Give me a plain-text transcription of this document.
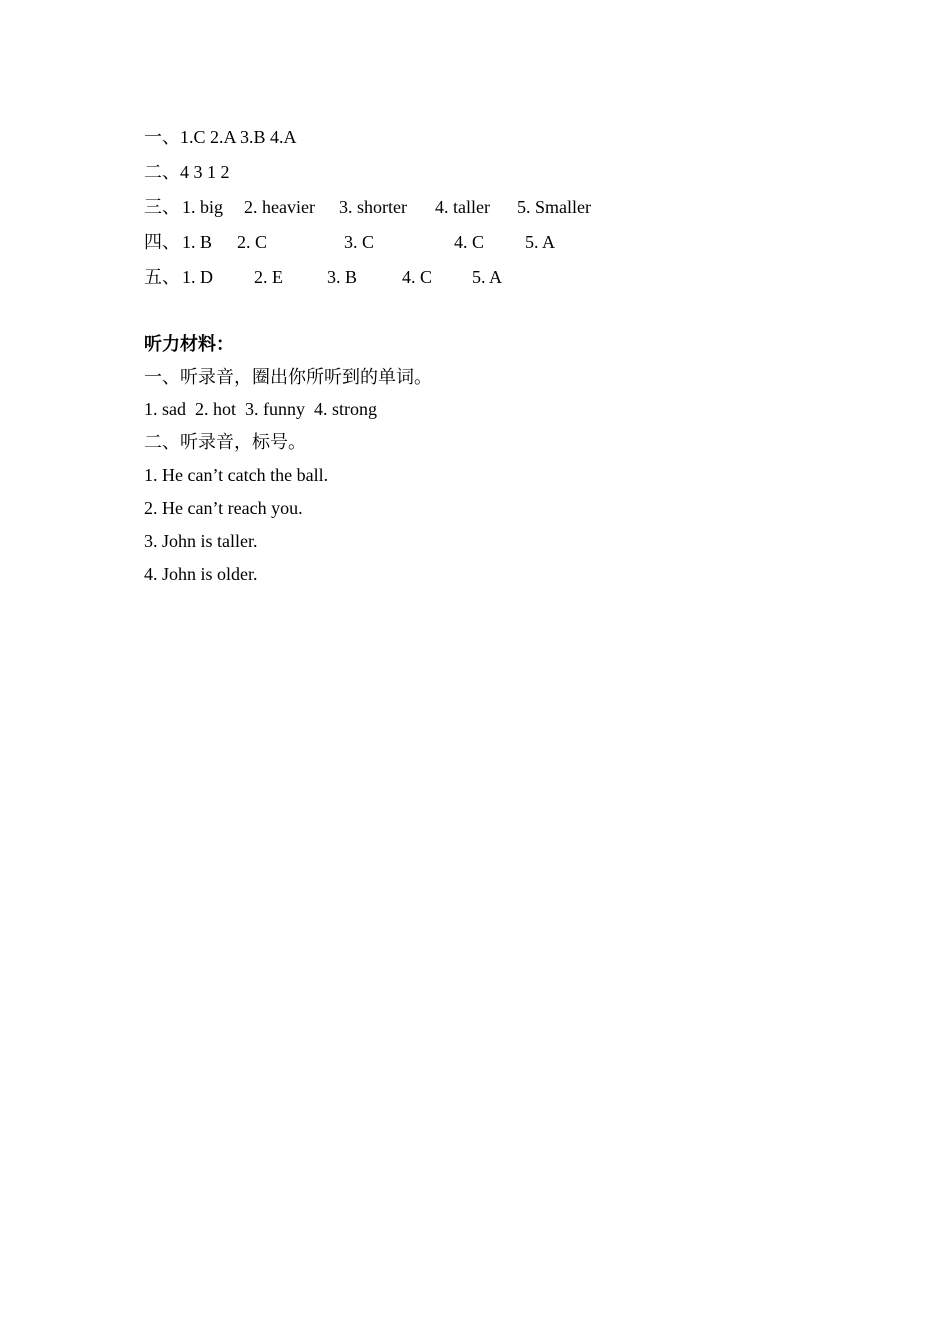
一、1.C 2.A 3.B 4.A
二、4 3 1 2
三、 1. big 2. heavier 3. shorter 4. taller 5. Smaller
四、 1. B 2. C	3. C	4. C 5. A
五、 1. D 2. E 3. B 4. C 5. A
听力材料：
一、听录音，圈出你所听到的单词。
1. sad  2. hot  3. funny  4. strong
二、听录音，标号。
1. He can’t catch the ball.
2. He can’t reach you.
3. John is taller.
4. John is older.
